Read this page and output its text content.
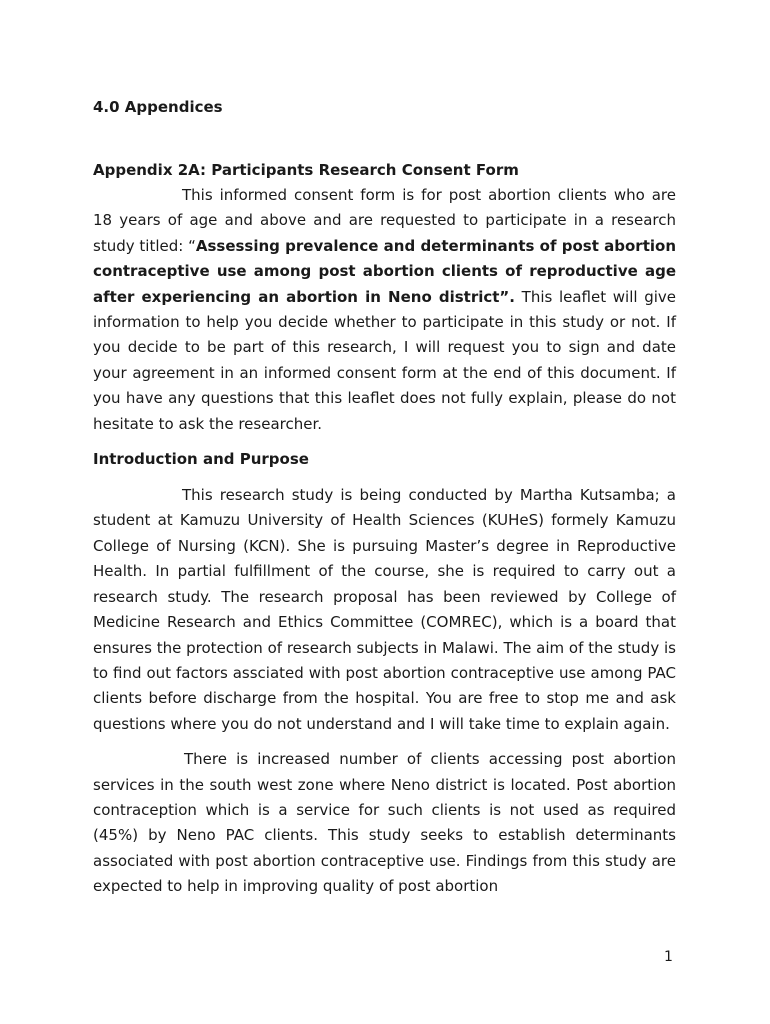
4.0 Appendices
Appendix 2A: Participants Research Consent Form

This informed consent form is for post abortion clients who are 18 years of age and above and are requested to participate in a research study titled: “Assessing prevalence and determinants of post abortion contraceptive use among post abortion clients of reproductive age after experiencing an abortion in Neno district”. This leaflet will give information to help you decide whether to participate in this study or not. If you decide to be part of this research, I will request you to sign and date your agreement in an informed consent form at the end of this document. If you have any questions that this leaflet does not fully explain, please do not hesitate to ask the researcher.

Introduction and Purpose

This research study is being conducted by Martha Kutsamba; a student at Kamuzu University of Health Sciences (KUHeS) formely Kamuzu College of Nursing (KCN). She is pursuing Master’s degree in Reproductive Health. In partial fulfillment of the course, she is required to carry out a research study. The research proposal has been reviewed by College of Medicine Research and Ethics Committee (COMREC), which is a board that ensures the protection of research subjects in Malawi. The aim of the study is to find out factors assciated with post abortion contraceptive use among PAC clients before discharge from the hospital. You are free to stop me and ask questions where you do not understand and I will take time to explain again.

There is increased number of clients accessing post abortion services in the south west zone where Neno district is located. Post abortion contraception which is a service for such clients is not used as required (45%) by Neno PAC clients. This study seeks to establish determinants associated with post abortion contraceptive use. Findings from this study are expected to help in improving quality of post abortion

1
